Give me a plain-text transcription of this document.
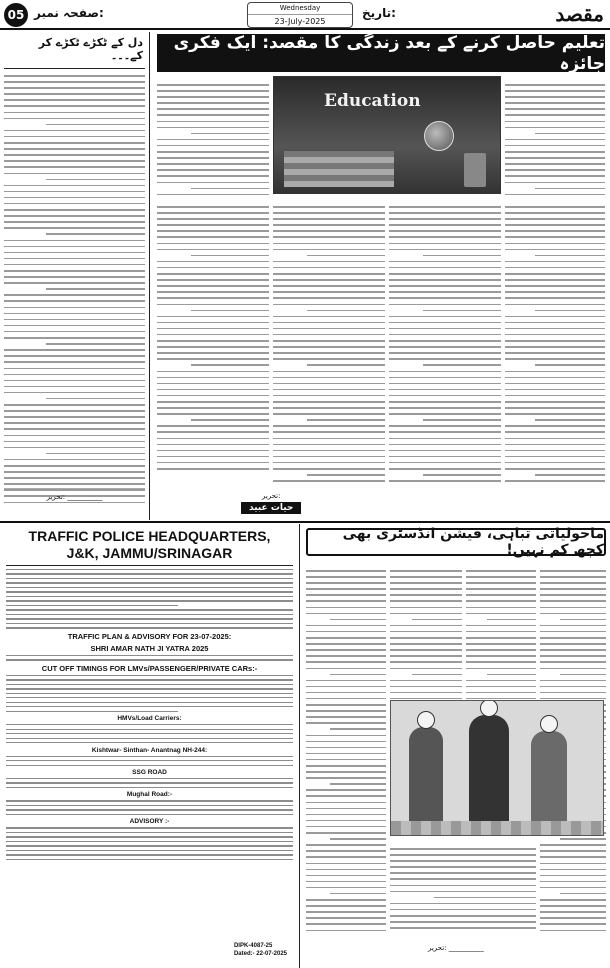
05 صفحہ نمبر:	Wednesday
23-July-2025
تاریخ:	مقصد
دل کے ٹکڑے ٹکڑے کر کے۔۔۔
تحریر: __________
تعلیم حاصل کرنے کے بعد زندگی کا مقصد: ایک فکری جائزہ
Education
تحریر:
حیات عبید
TRAFFIC POLICE HEADQUARTERS,
J&K, JAMMU/SRINAGAR
TRAFFIC PLAN & ADVISORY FOR 23-07-2025:
SHRI AMAR NATH JI YATRA 2025
CUT OFF TIMINGS FOR LMVs/PASSENGER/PRIVATE CARs:-
HMVs/Load Carriers:
Kishtwar- Sinthan- Anantnag NH-244:
SSG ROAD
Mughal Road:-
ADVISORY :-
DIPK-4087-25
Dated:- 22-07-2025
ماحولیاتی تباہی، فیشن انڈسٹری بھی کچھ کم نہیں!
تحریر: __________
